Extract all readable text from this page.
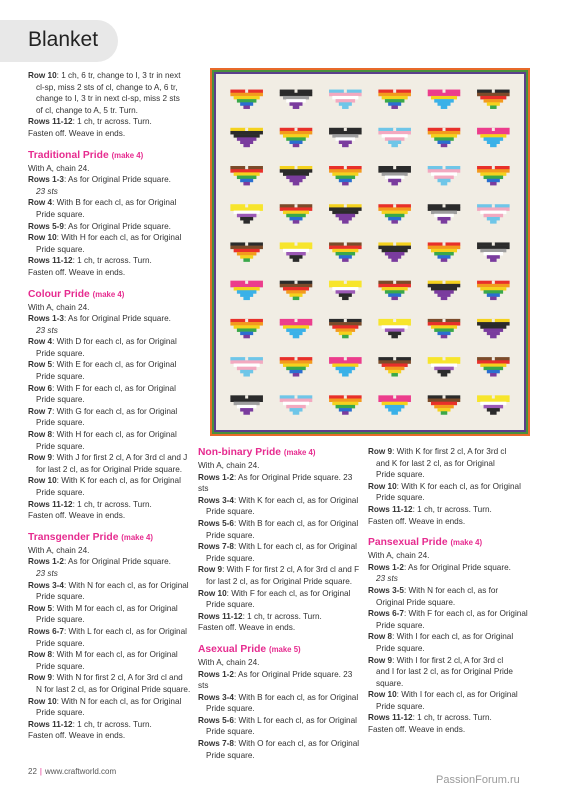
Blanket

Row 10: 1 ch, 6 tr, change to I, 3 tr in next

cl-sp, miss 2 sts of cl, change to A, 6 tr,

change to I, 3 tr in next cl-sp, miss 2 sts

of cl, change to A, 5 tr. Turn.

Rows 11-12: 1 ch, tr across. Turn.

Fasten off. Weave in ends.

Traditional Pride (make 4)

With A, chain 24.

Rows 1-3: As for Original Pride square.

23 sts

Row 4: With B for each cl, as for Original

Pride square.

Rows 5-9: As for Original Pride square.

Row 10: With H for each cl, as for Original

Pride square.

Rows 11-12: 1 ch, tr across. Turn.

Fasten off. Weave in ends.

Colour Pride (make 4)

With A, chain 24.

Rows 1-3: As for Original Pride square.

23 sts

Row 4: With D for each cl, as for Original

Pride square.

Row 5: With E for each cl, as for Original

Pride square.

Row 6: With F for each cl, as for Original

Pride square.

Row 7: With G for each cl, as for Original

Pride square.

Row 8: With H for each cl, as for Original

Pride square.

Row 9: With J for first 2 cl, A for 3rd cl and J

for last 2 cl, as for Original Pride square.

Row 10: With K for each cl, as for Original

Pride square.

Rows 11-12: 1 ch, tr across. Turn.

Fasten off. Weave in ends.

Transgender Pride (make 4)

With A, chain 24.

Rows 1-2: As for Original Pride square.

23 sts

Rows 3-4: With N for each cl, as for Original

Pride square.

Row 5: With M for each cl, as for Original

Pride square.

Rows 6-7: With L for each cl, as for Original

Pride square.

Row 8: With M for each cl, as for Original

Pride square.

Row 9: With N for first 2 cl, A for 3rd cl and

N for last 2 cl, as for Original Pride square.

Row 10: With N for each cl, as for Original

Pride square.

Rows 11-12: 1 ch, tr across. Turn.

Fasten off. Weave in ends.

Non-binary Pride (make 4)

With A, chain 24.

Rows 1-2: As for Original Pride square. 23 sts

Rows 3-4: With K for each cl, as for Original

Pride square.

Rows 5-6: With B for each cl, as for Original

Pride square.

Rows 7-8: With L for each cl, as for Original

Pride square.

Row 9: With F for first 2 cl, A for 3rd cl and F

for last 2 cl, as for Original Pride square.

Row 10: With F for each cl, as for Original

Pride square.

Rows 11-12: 1 ch, tr across. Turn.

Fasten off. Weave in ends.

Asexual Pride (make 5)

With A, chain 24.

Rows 1-2: As for Original Pride square. 23 sts

Rows 3-4: With B for each cl, as for Original

Pride square.

Rows 5-6: With L for each cl, as for Original

Pride square.

Rows 7-8: With O for each cl, as for Original

Pride square.

Row 9: With K for first 2 cl, A for 3rd cl

and K for last 2 cl, as for Original

Pride square.

Row 10: With K for each cl, as for Original

Pride square.

Rows 11-12: 1 ch, tr across. Turn.

Fasten off. Weave in ends.

Pansexual Pride (make 4)

With A, chain 24.

Rows 1-2: As for Original Pride square.

23 sts

Rows 3-5: With N for each cl, as for

Original Pride square.

Rows 6-7: With F for each cl, as for Original

Pride square.

Row 8: With I for each cl, as for Original

Pride square.

Row 9: With I for first 2 cl, A for 3rd cl

and I for last 2 cl, as for Original Pride

square.

Row 10: With I for each cl, as for Original

Pride square.

Rows 11-12: 1 ch, tr across. Turn.

Fasten off. Weave in ends.

22 | www.craftworld.com
PassionForum.ru
